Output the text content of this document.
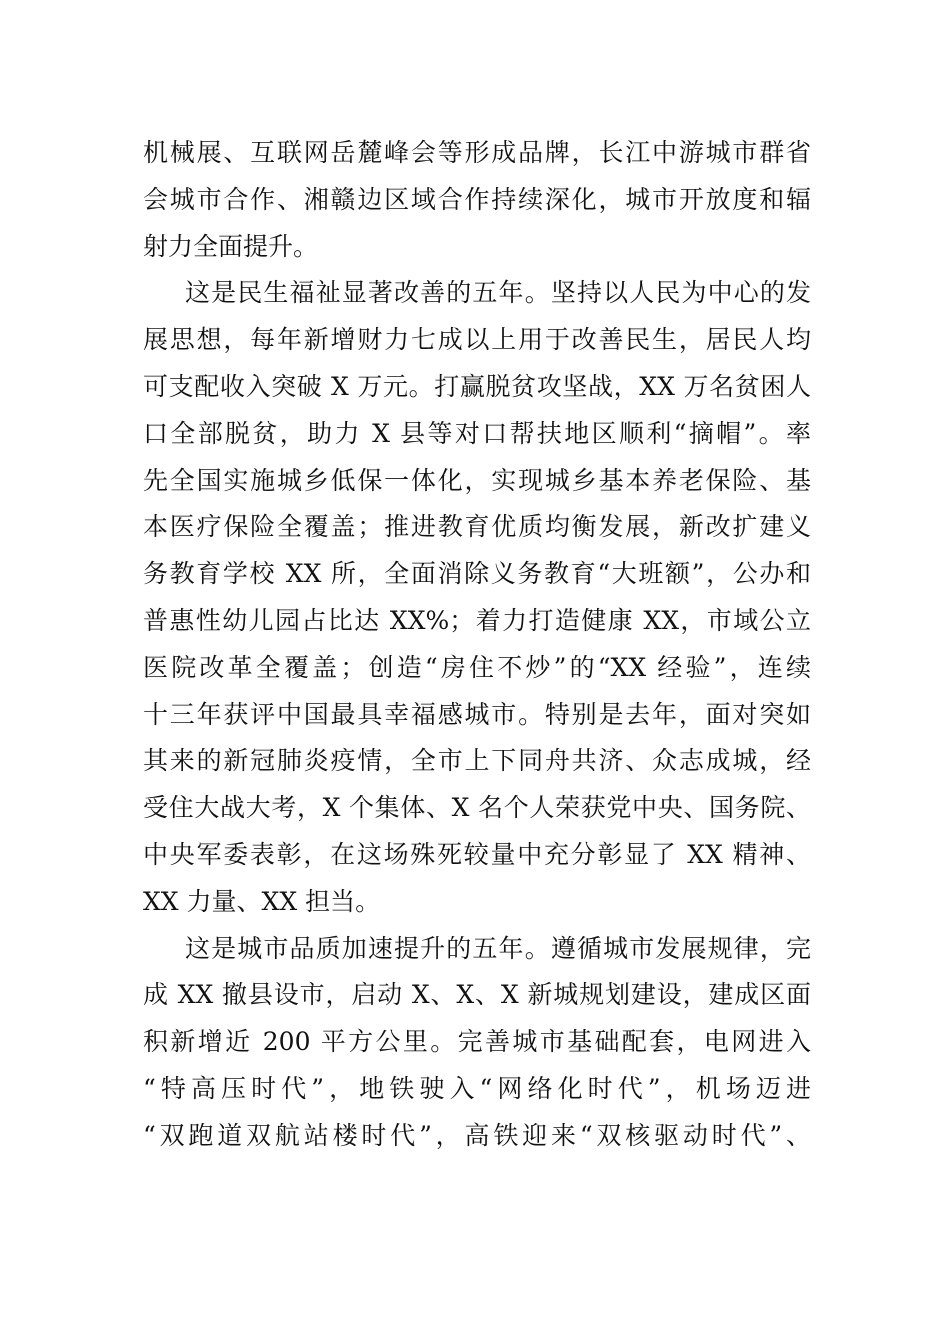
机械展、互联网岳麓峰会等形成品牌，长江中游城市群省
会城市合作、湘赣边区域合作持续深化，城市开放度和辐
射力全面提升。
这是民生福祉显著改善的五年。坚持以人民为中心的发
展思想，每年新增财力七成以上用于改善民生，居民人均
可支配收入突破 X 万元。打赢脱贫攻坚战，XX 万名贫困人
口全部脱贫，助力 X 县等对口帮扶地区顺利“摘帽”。率
先全国实施城乡低保一体化，实现城乡基本养老保险、基
本医疗保险全覆盖；推进教育优质均衡发展，新改扩建义
务教育学校 XX 所，全面消除义务教育“大班额”，公办和
普惠性幼儿园占比达 XX%；着力打造健康 XX，市域公立
医院改革全覆盖；创造“房住不炒”的“XX 经验”，连续
十三年获评中国最具幸福感城市。特别是去年，面对突如
其来的新冠肺炎疫情，全市上下同舟共济、众志成城，经
受住大战大考，X 个集体、X 名个人荣获党中央、国务院、
中央军委表彰，在这场殊死较量中充分彰显了 XX 精神、
XX 力量、XX 担当。
这是城市品质加速提升的五年。遵循城市发展规律，完
成 XX 撤县设市，启动 X、X、X 新城规划建设，建成区面
积新增近 200 平方公里。完善城市基础配套，电网进入
“特高压时代”，地铁驶入“网络化时代”，机场迈进
“双跑道双航站楼时代”，高铁迎来“双核驱动时代”、
